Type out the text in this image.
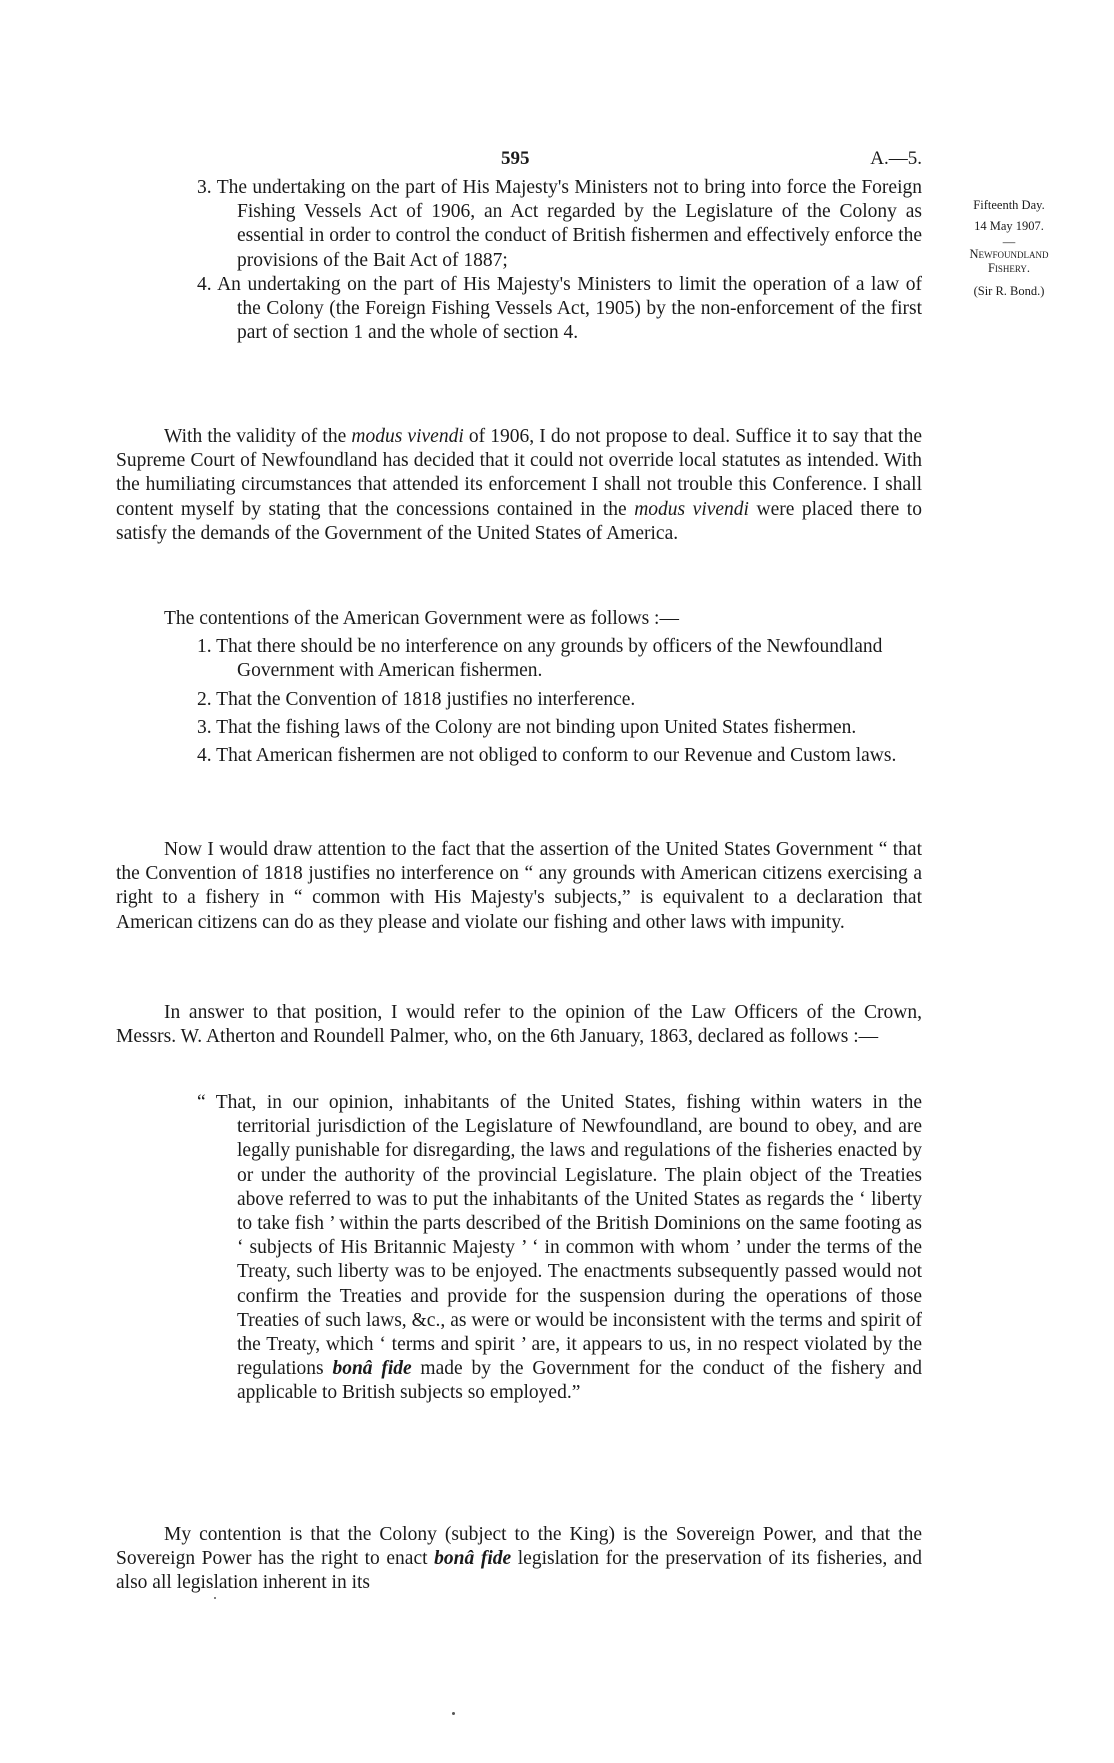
595	A.—5.
Fifteenth Day.
14 May 1907.
—
Newfoundland
Fishery.
(Sir R. Bond.)

3. The undertaking on the part of His Majesty's Ministers not to bring into force the Foreign Fishing Vessels Act of 1906, an Act regarded by the Legislature of the Colony as essential in order to control the conduct of British fishermen and effectively enforce the provisions of the Bait Act of 1887;

4. An undertaking on the part of His Majesty's Ministers to limit the operation of a law of the Colony (the Foreign Fishing Vessels Act, 1905) by the non-enforcement of the first part of section 1 and the whole of section 4.

With the validity of the modus vivendi of 1906, I do not propose to deal. Suffice it to say that the Supreme Court of Newfoundland has decided that it could not override local statutes as intended. With the humiliating circumstances that attended its enforcement I shall not trouble this Conference. I shall content myself by stating that the concessions contained in the modus vivendi were placed there to satisfy the demands of the Government of the United States of America.

The contentions of the American Government were as follows :—

1. That there should be no interference on any grounds by officers of the Newfoundland Government with American fishermen.

2. That the Convention of 1818 justifies no interference.

3. That the fishing laws of the Colony are not binding upon United States fishermen.

4. That American fishermen are not obliged to conform to our Revenue and Custom laws.

Now I would draw attention to the fact that the assertion of the United States Government “ that the Convention of 1818 justifies no interference on “ any grounds with American citizens exercising a right to a fishery in “ common with His Majesty's subjects,” is equivalent to a declaration that American citizens can do as they please and violate our fishing and other laws with impunity.

In answer to that position, I would refer to the opinion of the Law Officers of the Crown, Messrs. W. Atherton and Roundell Palmer, who, on the 6th January, 1863, declared as follows :—

“ That, in our opinion, inhabitants of the United States, fishing within waters in the territorial jurisdiction of the Legislature of Newfoundland, are bound to obey, and are legally punishable for disregarding, the laws and regulations of the fisheries enacted by or under the authority of the provincial Legislature. The plain object of the Treaties above referred to was to put the inhabitants of the United States as regards the ‘ liberty to take fish ’ within the parts described of the British Dominions on the same footing as ‘ subjects of His Britannic Majesty ’ ‘ in common with whom ’ under the terms of the Treaty, such liberty was to be enjoyed. The enactments subsequently passed would not confirm the Treaties and provide for the suspension during the operations of those Treaties of such laws, &c., as were or would be inconsistent with the terms and spirit of the Treaty, which ‘ terms and spirit ’ are, it appears to us, in no respect violated by the regulations bonâ fide made by the Government for the conduct of the fishery and applicable to British subjects so employed.”

My contention is that the Colony (subject to the King) is the Sovereign Power, and that the Sovereign Power has the right to enact bonâ fide legislation for the preservation of its fisheries, and also all legislation inherent in its
